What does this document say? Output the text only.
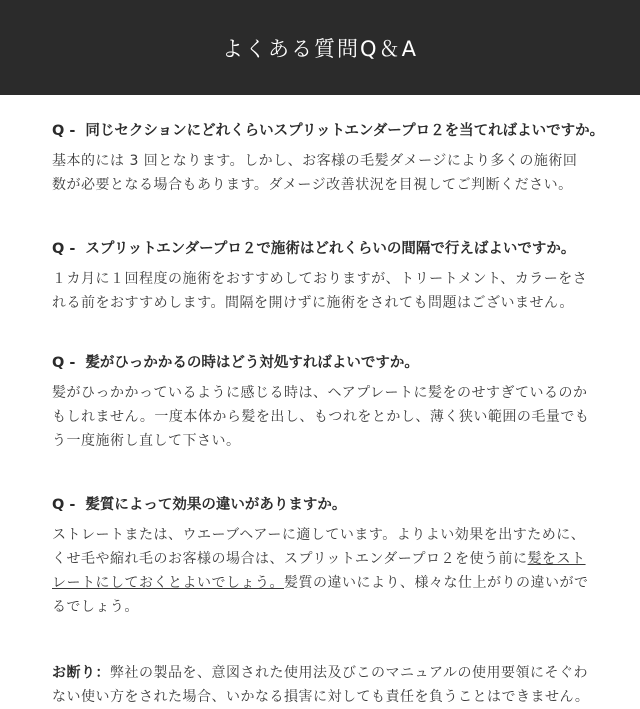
よくある質問Q＆A

Q - 同じセクションにどれくらいスプリットエンダープロ２を当てればよいですか。

基本的には 3 回となります。しかし、お客様の毛髪ダメージにより多くの施術回数が必要となる場合もあります。ダメージ改善状況を目視してご判断ください。

Q - スプリットエンダープロ２で施術はどれくらいの間隔で行えばよいですか。

１カ月に１回程度の施術をおすすめしておりますが、トリートメント、カラーをされる前をおすすめします。間隔を開けずに施術をされても問題はございません。

Q - 髪がひっかかるの時はどう対処すればよいですか。

髪がひっかかっているように感じる時は、ヘアプレートに髪をのせすぎているのかもしれません。一度本体から髪を出し、もつれをとかし、薄く狭い範囲の毛量でもう一度施術し直して下さい。

Q - 髪質によって効果の違いがありますか。

ストレートまたは、ウエーブヘアーに適しています。よりよい効果を出すために、くせ毛や縮れ毛のお客様の場合は、スプリットエンダープロ２を使う前に髪をストレートにしておくとよいでしょう。髪質の違いにより、様々な仕上がりの違いがでるでしょう。

お断り：弊社の製品を、意図された使用法及びこのマニュアルの使用要領にそぐわない使い方をされた場合、いかなる損害に対しても責任を負うことはできません。
